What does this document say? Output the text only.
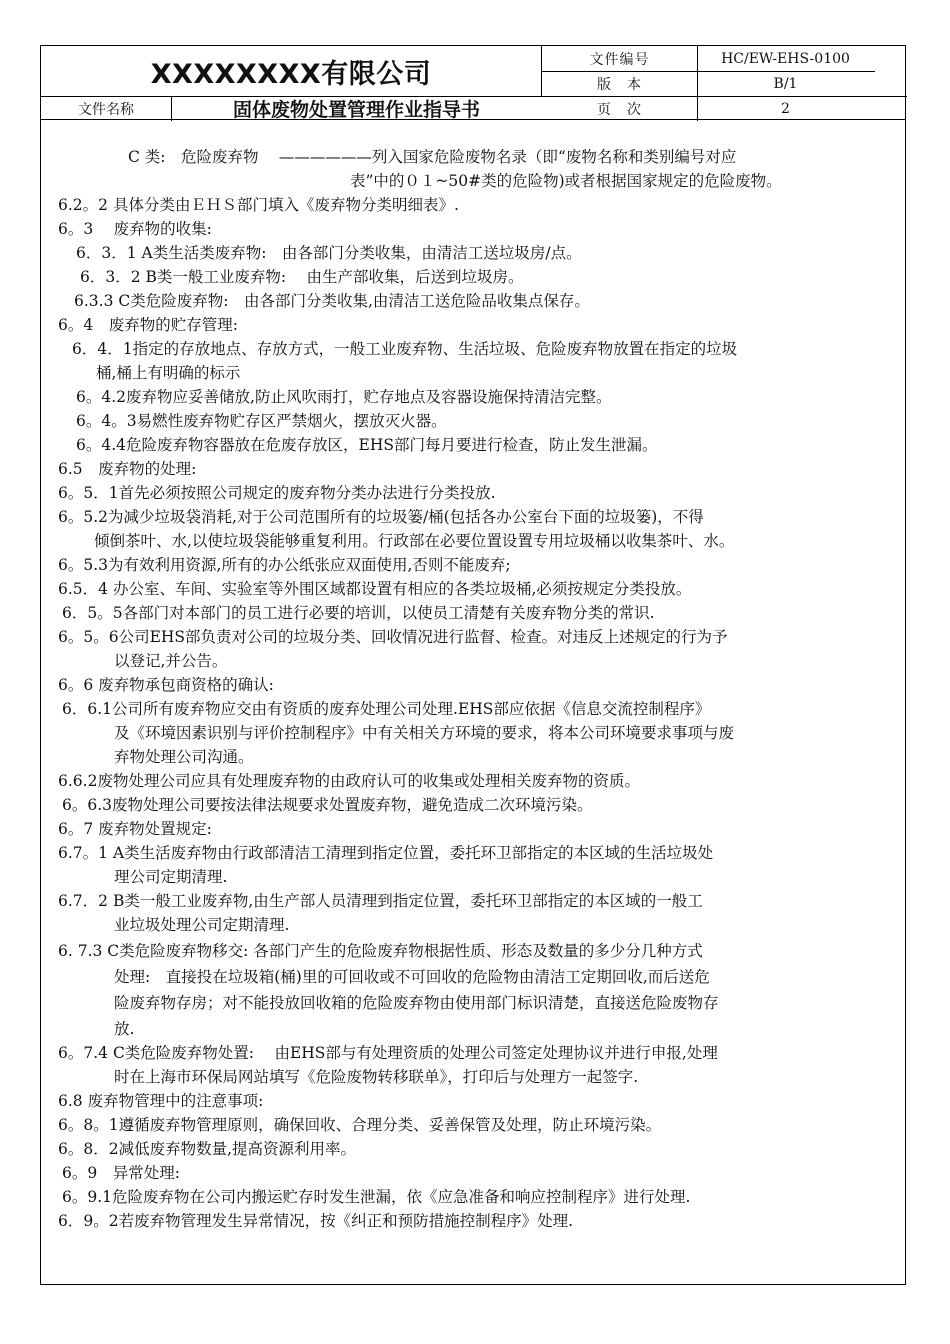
XXXXXXXX有限公司
文件名称	固体废物处置管理作业指导书
文件编号	HC/EW-EHS-0100
版　本	B/1
页　次	2
C 类:　危险废弃物　 ——————列入国家危险废物名录（即“废物名称和类别编号对应
表”中的０１~50#类的危险物)或者根据国家规定的危险废物。
6.2。2 具体分类由ＥＨＳ部门填入《废弃物分类明细表》.
6。3　 废弃物的收集:
6．3．1 A类生活类废弃物:　由各部门分类收集，由清洁工送垃圾房/点。
6．3．2 B类一般工业废弃物:　 由生产部收集，后送到垃圾房。
6.3.3 C类危险废弃物:　由各部门分类收集,由清洁工送危险品收集点保存。
6。4　废弃物的贮存管理:
6．4．1指定的存放地点、存放方式，一般工业废弃物、生活垃圾、危险废弃物放置在指定的垃圾
桶,桶上有明确的标示
6。4.2废弃物应妥善储放,防止风吹雨打，贮存地点及容器设施保持清洁完整。
6。4。3易燃性废弃物贮存区严禁烟火，摆放灭火器。
6。4.4危险废弃物容器放在危废存放区，EHS部门每月要进行检查，防止发生泄漏。
6.5　废弃物的处理:
6。5．1首先必须按照公司规定的废弃物分类办法进行分类投放.
6。5.2为减少垃圾袋消耗,对于公司范围所有的垃圾篓/桶(包括各办公室台下面的垃圾篓)，不得
倾倒茶叶、水,以使垃圾袋能够重复利用。行政部在必要位置设置专用垃圾桶以收集茶叶、水。
6。5.3为有效利用资源,所有的办公纸张应双面使用,否则不能废弃;
6.5．4 办公室、车间、实验室等外围区域都设置有相应的各类垃圾桶,必须按规定分类投放。
6．5。5各部门对本部门的员工进行必要的培训，以使员工清楚有关废弃物分类的常识.
6。5。6公司EHS部负责对公司的垃圾分类、回收情况进行监督、检查。对违反上述规定的行为予
以登记,并公告。
6。6 废弃物承包商资格的确认:
6．6.1公司所有废弃物应交由有资质的废弃处理公司处理.EHS部应依据《信息交流控制程序》
及《环境因素识别与评价控制程序》中有关相关方环境的要求，将本公司环境要求事项与废
弃物处理公司沟通。
6.6.2废物处理公司应具有处理废弃物的由政府认可的收集或处理相关废弃物的资质。
6。6.3废物处理公司要按法律法规要求处置废弃物，避免造成二次环境污染。
6。7 废弃物处置规定:
6.7。1 A类生活废弃物由行政部清洁工清理到指定位置，委托环卫部指定的本区域的生活垃圾处
理公司定期清理.
6.7．2 B类一般工业废弃物,由生产部人员清理到指定位置，委托环卫部指定的本区域的一般工
业垃圾处理公司定期清理.
6. 7.3 C类危险废弃物移交: 各部门产生的危险废弃物根据性质、形态及数量的多少分几种方式
处理:　直接投在垃圾箱(桶)里的可回收或不可回收的危险物由清洁工定期回收,而后送危
险废弃物存房；对不能投放回收箱的危险废弃物由使用部门标识清楚，直接送危险废物存
放.
6。7.4 C类危险废弃物处置:　 由EHS部与有处理资质的处理公司签定处理协议并进行申报,处理
时在上海市环保局网站填写《危险废物转移联单》，打印后与处理方一起签字.
6.8 废弃物管理中的注意事项:
6。8。1遵循废弃物管理原则，确保回收、合理分类、妥善保管及处理，防止环境污染。
6。8．2减低废弃物数量,提高资源利用率。
6。9　异常处理:
6。9.1危险废弃物在公司内搬运贮存时发生泄漏，依《应急准备和响应控制程序》进行处理.
6．9。2若废弃物管理发生异常情况，按《纠正和预防措施控制程序》处理.
